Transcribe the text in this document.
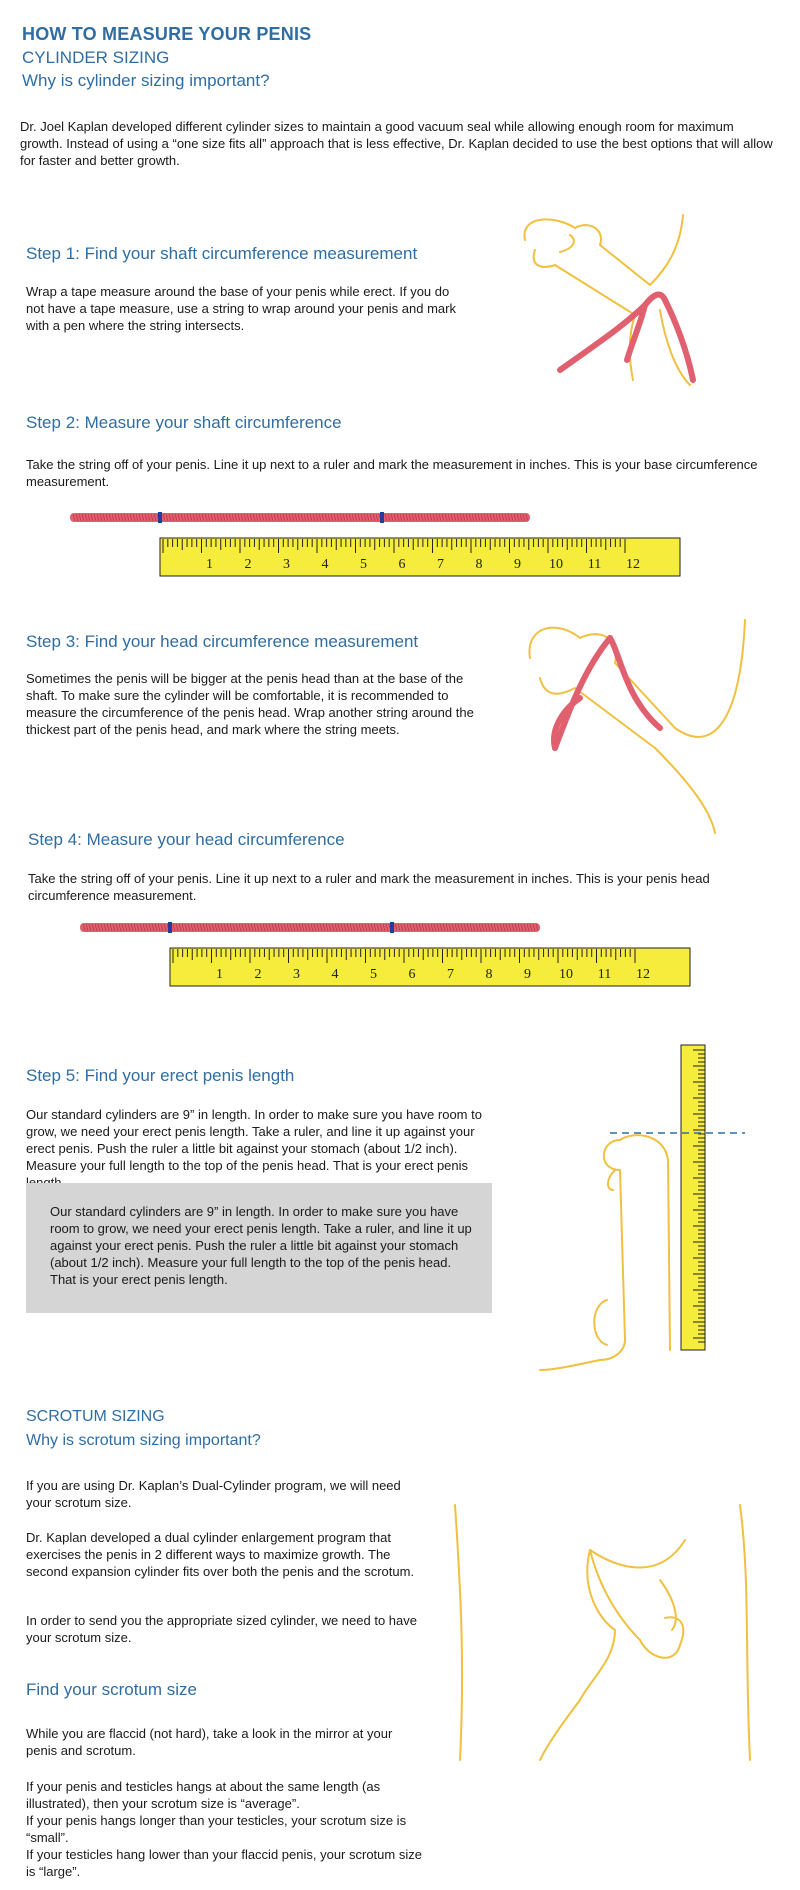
HOW TO MEASURE YOUR PENIS
CYLINDER SIZING
Why is cylinder sizing important?
Dr. Joel Kaplan developed different cylinder sizes to maintain a good vacuum seal while allowing enough room for maximum growth. Instead of using a “one size fits all” approach that is less effective, Dr. Kaplan decided to use the best options that will allow for faster and better growth.
Step 1: Find your shaft circumference measurement
Wrap a tape measure around the base of your penis while erect. If you do not have a tape measure, use a string to wrap around your penis and mark with a pen where the string intersects.
Step 2: Measure your shaft circumference
Take the string off of your penis. Line it up next to a ruler and mark the measurement in inches. This is your base circumference measurement.
1 2 3 4 5 6 7 8 9 10 11 12
Step 3: Find your head circumference measurement
Sometimes the penis will be bigger at the penis head than at the base of the shaft. To make sure the cylinder will be comfortable, it is recommended to measure the circumference of the penis head. Wrap another string around the thickest part of the penis head, and mark where the string meets.
Step 4: Measure your head circumference
Take the string off of your penis. Line it up next to a ruler and mark the measurement in inches. This is your penis head circumference measurement.
1 2 3 4 5 6 7 8 9 10 11 12
Step 5: Find your erect penis length
Our standard cylinders are 9” in length. In order to make sure you have room to grow, we need your erect penis length. Take a ruler, and line it up against your erect penis. Push the ruler a little bit against your stomach (about 1/2 inch). Measure your full length to the top of the penis head. That is your erect penis

Our standard cylinders are 9” in length. In order to make sure you have room to grow, we need your erect penis length. Take a ruler, and line it up against your erect penis. Push the ruler a little bit against your stomach (about 1/2 inch). Measure your full length to the top of the penis head. That is your erect penis length.

SCROTUM SIZING
Why is scrotum sizing important?
If you are using Dr. Kaplan’s Dual-Cylinder program, we will need your scrotum size.
Dr. Kaplan developed a dual cylinder enlargement program that exercises the penis in 2 different ways to maximize growth. The second expansion cylinder fits over both the penis and the scrotum.
In order to send you the appropriate sized cylinder, we need to have your scrotum size.
Find your scrotum size
While you are flaccid (not hard), take a look in the mirror at your penis and scrotum.
If your penis and testicles hangs at about the same length (as illustrated), then your scrotum size is “average”.
If your penis hangs longer than your testicles, your scrotum size is “small”.
If your testicles hang lower than your flaccid penis, your scrotum size is “large”.
